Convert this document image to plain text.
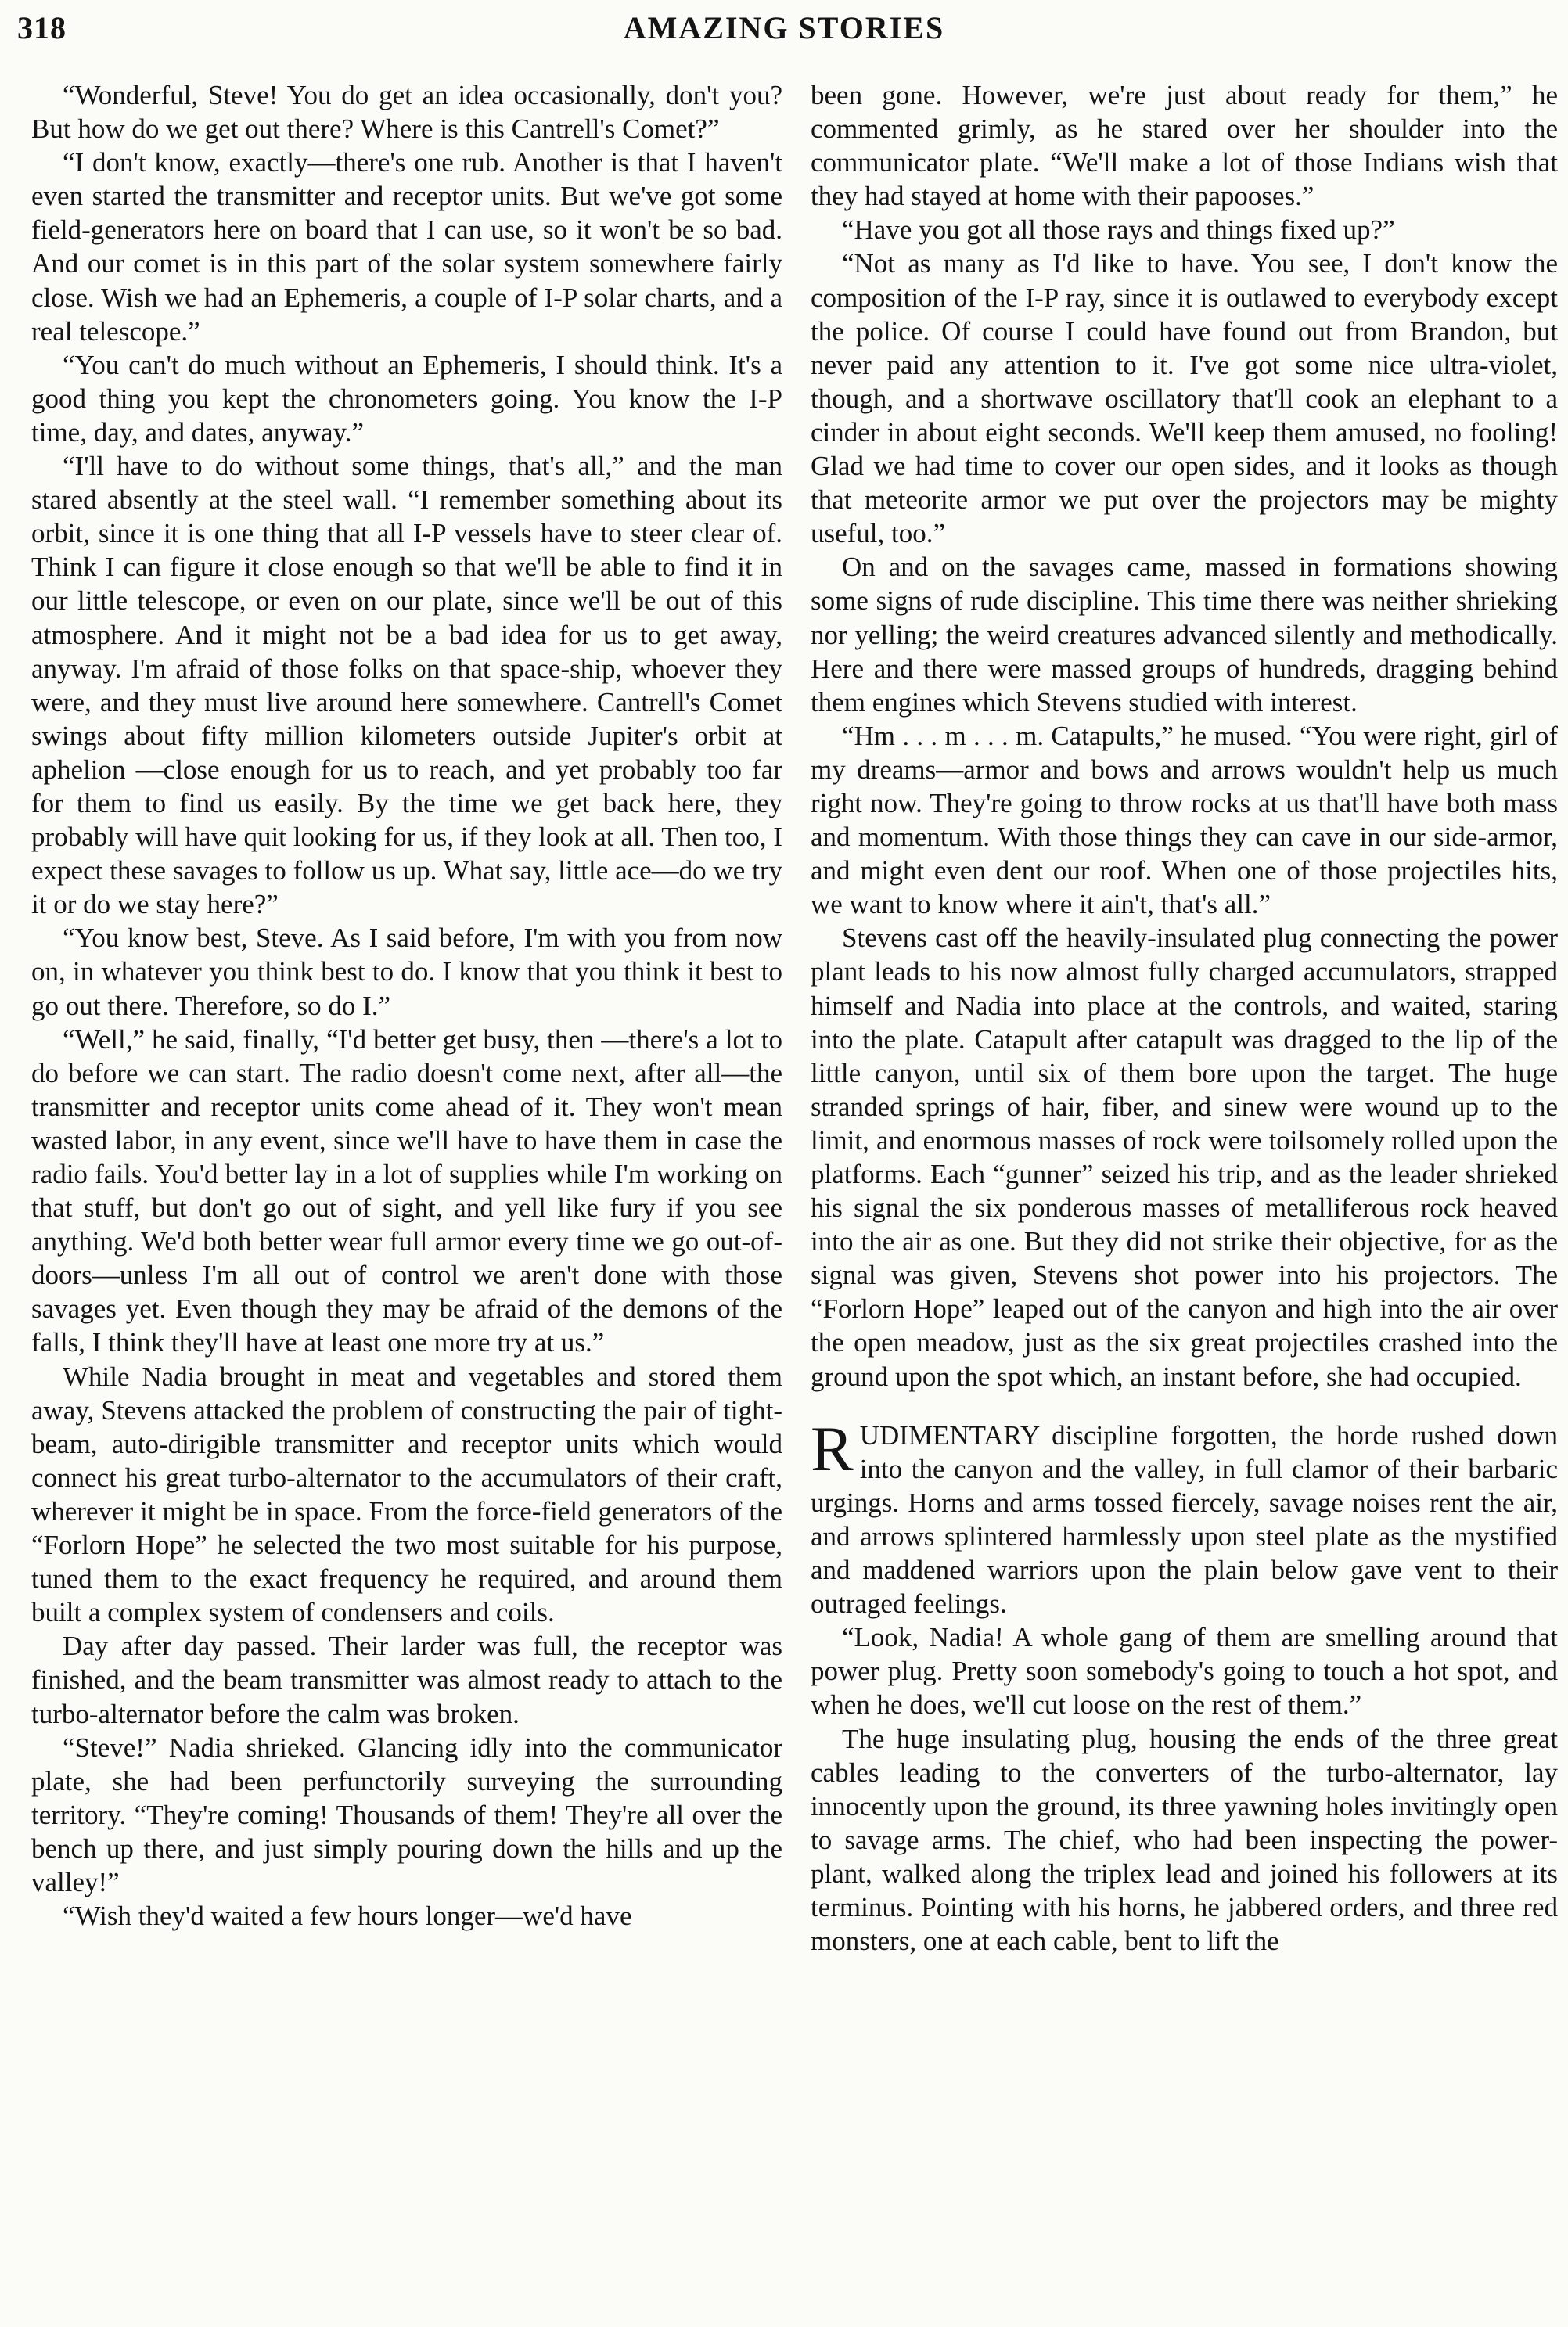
318	AMAZING STORIES

“Wonderful, Steve! You do get an idea occasionally, don't you? But how do we get out there? Where is this Cantrell's Comet?”

“I don't know, exactly—there's one rub. Another is that I haven't even started the transmitter and receptor units. But we've got some field-generators here on board that I can use, so it won't be so bad. And our comet is in this part of the solar system somewhere fairly close. Wish we had an Ephemeris, a couple of I-P solar charts, and a real telescope.”

“You can't do much without an Ephemeris, I should think. It's a good thing you kept the chronometers going. You know the I-P time, day, and dates, anyway.”

“I'll have to do without some things, that's all,” and the man stared absently at the steel wall. “I remember something about its orbit, since it is one thing that all I-P vessels have to steer clear of. Think I can figure it close enough so that we'll be able to find it in our little telescope, or even on our plate, since we'll be out of this atmosphere. And it might not be a bad idea for us to get away, anyway. I'm afraid of those folks on that space-ship, whoever they were, and they must live around here somewhere. Cantrell's Comet swings about fifty million kilometers outside Jupiter's orbit at aphelion —close enough for us to reach, and yet probably too far for them to find us easily. By the time we get back here, they probably will have quit looking for us, if they look at all. Then too, I expect these savages to follow us up. What say, little ace—do we try it or do we stay here?”

“You know best, Steve. As I said before, I'm with you from now on, in whatever you think best to do. I know that you think it best to go out there. Therefore, so do I.”

“Well,” he said, finally, “I'd better get busy, then —there's a lot to do before we can start. The radio doesn't come next, after all—the transmitter and receptor units come ahead of it. They won't mean wasted labor, in any event, since we'll have to have them in case the radio fails. You'd better lay in a lot of supplies while I'm working on that stuff, but don't go out of sight, and yell like fury if you see anything. We'd both better wear full armor every time we go out-of-doors—unless I'm all out of control we aren't done with those savages yet. Even though they may be afraid of the demons of the falls, I think they'll have at least one more try at us.”

While Nadia brought in meat and vegetables and stored them away, Stevens attacked the problem of constructing the pair of tight-beam, auto-dirigible transmitter and receptor units which would connect his great turbo-alternator to the accumulators of their craft, wherever it might be in space. From the force-field generators of the “Forlorn Hope” he selected the two most suitable for his purpose, tuned them to the exact frequency he required, and around them built a complex system of condensers and coils.

Day after day passed. Their larder was full, the receptor was finished, and the beam transmitter was almost ready to attach to the turbo-alternator before the calm was broken.

“Steve!” Nadia shrieked. Glancing idly into the communicator plate, she had been perfunctorily surveying the surrounding territory. “They're coming! Thousands of them! They're all over the bench up there, and just simply pouring down the hills and up the valley!”

“Wish they'd waited a few hours longer—we'd have

been gone. However, we're just about ready for them,” he commented grimly, as he stared over her shoulder into the communicator plate. “We'll make a lot of those Indians wish that they had stayed at home with their papooses.”

“Have you got all those rays and things fixed up?”

“Not as many as I'd like to have. You see, I don't know the composition of the I-P ray, since it is outlawed to everybody except the police. Of course I could have found out from Brandon, but never paid any attention to it. I've got some nice ultra-violet, though, and a shortwave oscillatory that'll cook an elephant to a cinder in about eight seconds. We'll keep them amused, no fooling! Glad we had time to cover our open sides, and it looks as though that meteorite armor we put over the projectors may be mighty useful, too.”

On and on the savages came, massed in formations showing some signs of rude discipline. This time there was neither shrieking nor yelling; the weird creatures advanced silently and methodically. Here and there were massed groups of hundreds, dragging behind them engines which Stevens studied with interest.

“Hm . . . m . . . m. Catapults,” he mused. “You were right, girl of my dreams—armor and bows and arrows wouldn't help us much right now. They're going to throw rocks at us that'll have both mass and momentum. With those things they can cave in our side-armor, and might even dent our roof. When one of those projectiles hits, we want to know where it ain't, that's all.”

Stevens cast off the heavily-insulated plug connecting the power plant leads to his now almost fully charged accumulators, strapped himself and Nadia into place at the controls, and waited, staring into the plate. Catapult after catapult was dragged to the lip of the little canyon, until six of them bore upon the target. The huge stranded springs of hair, fiber, and sinew were wound up to the limit, and enormous masses of rock were toilsomely rolled upon the platforms. Each “gunner” seized his trip, and as the leader shrieked his signal the six ponderous masses of metalliferous rock heaved into the air as one. But they did not strike their objective, for as the signal was given, Stevens shot power into his projectors. The “Forlorn Hope” leaped out of the canyon and high into the air over the open meadow, just as the six great projectiles crashed into the ground upon the spot which, an instant before, she had occupied.

RUDIMENTARY discipline forgotten, the horde rushed down into the canyon and the valley, in full clamor of their barbaric urgings. Horns and arms tossed fiercely, savage noises rent the air, and arrows splintered harmlessly upon steel plate as the mystified and maddened warriors upon the plain below gave vent to their outraged feelings.

“Look, Nadia! A whole gang of them are smelling around that power plug. Pretty soon somebody's going to touch a hot spot, and when he does, we'll cut loose on the rest of them.”

The huge insulating plug, housing the ends of the three great cables leading to the converters of the turbo-alternator, lay innocently upon the ground, its three yawning holes invitingly open to savage arms. The chief, who had been inspecting the power-plant, walked along the triplex lead and joined his followers at its terminus. Pointing with his horns, he jabbered orders, and three red monsters, one at each cable, bent to lift the
